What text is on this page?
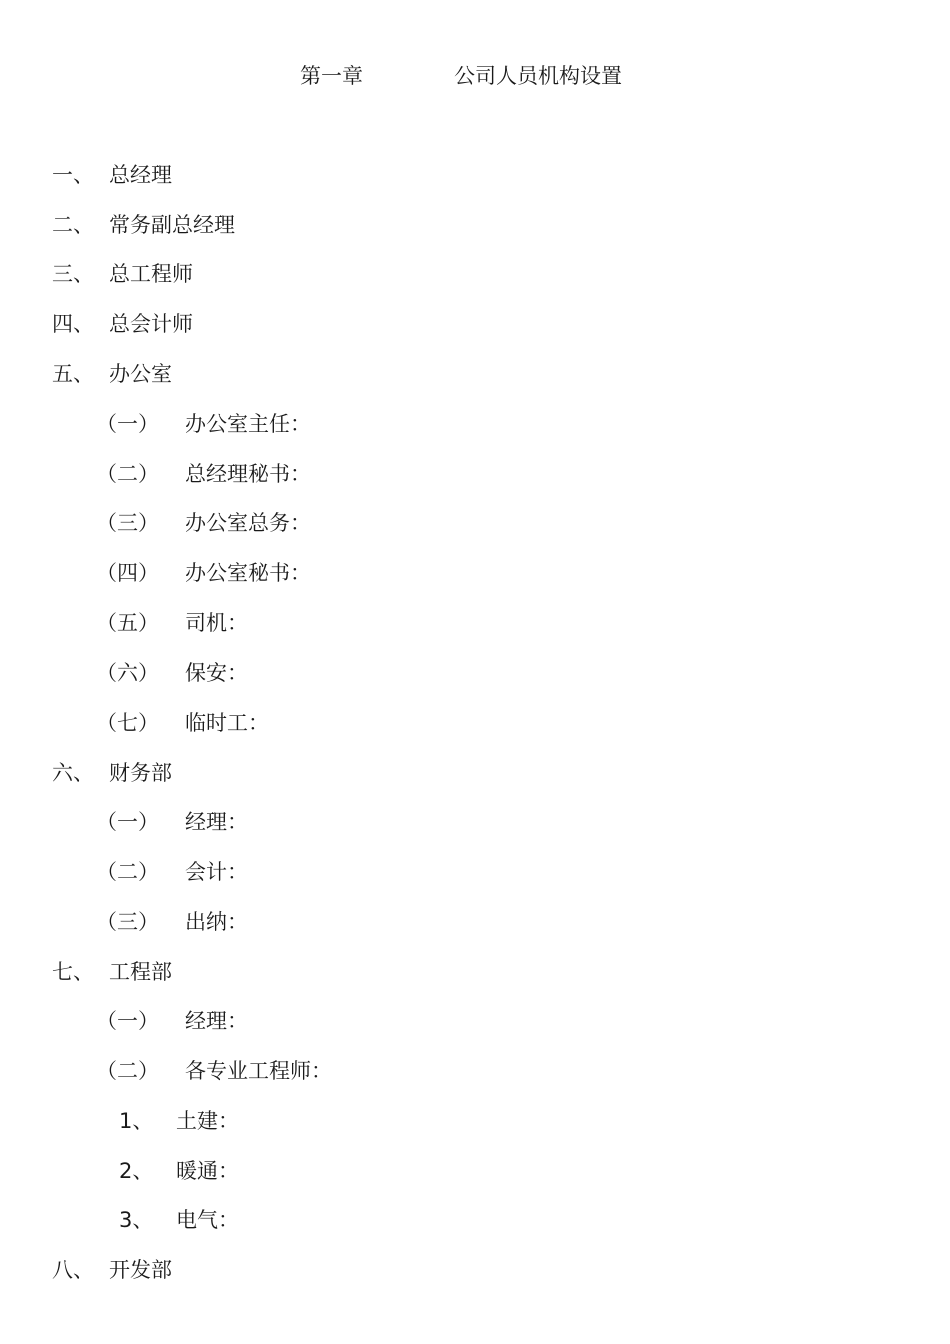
第一章	公司人员机构设置
一、 总经理
二、 常务副总经理
三、 总工程师
四、 总会计师
五、 办公室
（一） 办公室主任：
（二） 总经理秘书：
（三） 办公室总务：
（四） 办公室秘书：
（五） 司机：
（六） 保安：
（七） 临时工：
六、 财务部
（一） 经理：
（二） 会计：
（三） 出纳：
七、 工程部
（一） 经理：
（二） 各专业工程师：
1、 土建：
2、 暖通：
3、 电气：
八、 开发部
